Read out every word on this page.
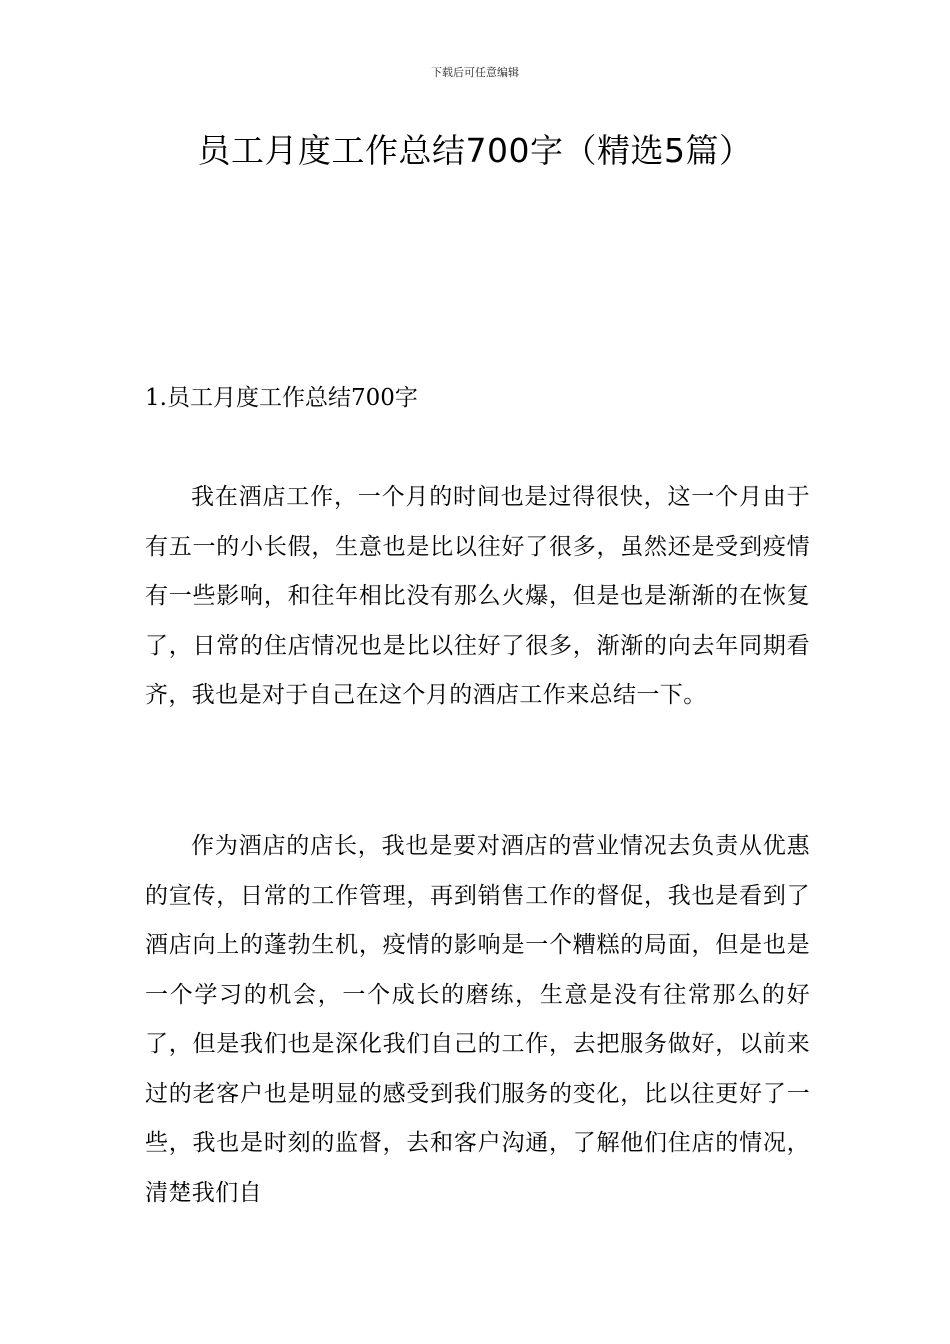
下载后可任意编辑
员工月度工作总结700字（精选5篇）
1.员工月度工作总结700字

我在酒店工作，一个月的时间也是过得很快，这一个月由于有五一的小长假，生意也是比以往好了很多，虽然还是受到疫情有一些影响，和往年相比没有那么火爆，但是也是渐渐的在恢复了，日常的住店情况也是比以往好了很多，渐渐的向去年同期看齐，我也是对于自己在这个月的酒店工作来总结一下。

作为酒店的店长，我也是要对酒店的营业情况去负责从优惠的宣传，日常的工作管理，再到销售工作的督促，我也是看到了酒店向上的蓬勃生机，疫情的影响是一个糟糕的局面，但是也是一个学习的机会，一个成长的磨练，生意是没有往常那么的好了，但是我们也是深化我们自己的工作，去把服务做好，以前来过的老客户也是明显的感受到我们服务的变化，比以往更好了一些，我也是时刻的监督，去和客户沟通，了解他们住店的情况，清楚我们自
